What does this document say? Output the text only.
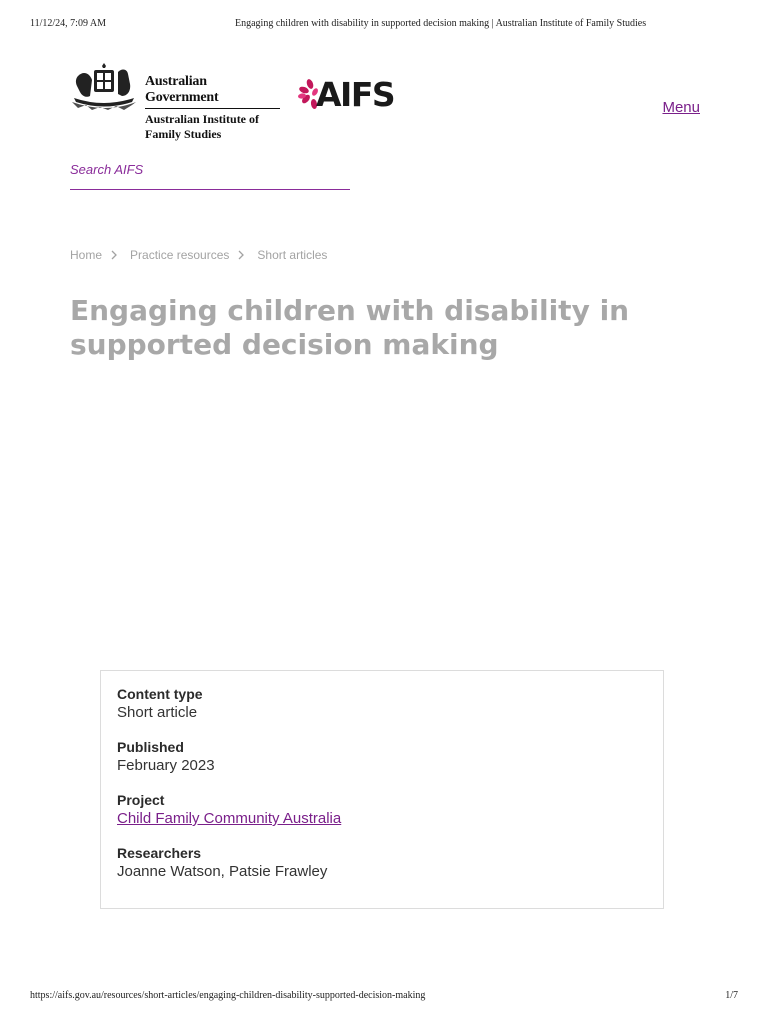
11/12/24, 7:09 AM	Engaging children with disability in supported decision making | Australian Institute of Family Studies
Australian Government
Australian Institute of
Family Studies
AIFS	Menu
Search AIFS
Home Practice resources Short articles
Engaging children with disability in supported decision making
Content type
Short article
Published
February 2023
Project
Child Family Community Australia
Researchers
Joanne Watson, Patsie Frawley
https://aifs.gov.au/resources/short-articles/engaging-children-disability-supported-decision-making	1/7
